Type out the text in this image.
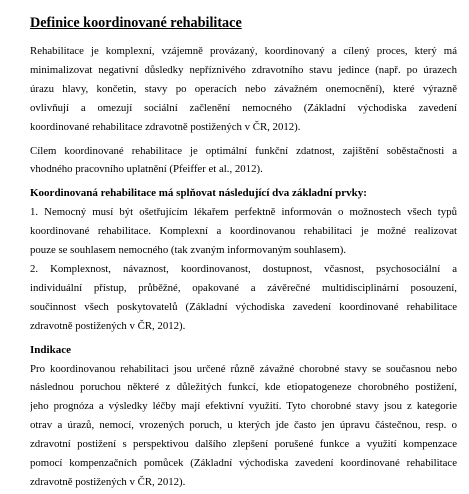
Definice koordinované rehabilitace
Rehabilitace je komplexní, vzájemně provázaný, koordinovaný a cílený proces, který má
minimalizovat negativní důsledky nepříznivého zdravotního stavu jedince (např. po úrazech
úrazu hlavy, končetin, stavy po operacích nebo závažném onemocnění), které výrazně
ovlivňují a omezují sociální začlenění nemocného (Základní východiska zavedení
koordinované rehabilitace zdravotně postižených v ČR, 2012).
Cílem koordinované rehabilitace je optimální funkční zdatnost, zajištění soběstačnosti a
vhodného pracovního uplatnění (Pfeiffer et al., 2012).
Koordinovaná rehabilitace má splňovat následující dva základní prvky:
1. Nemocný musí být ošetřujícím lékařem perfektně informován o možnostech všech typů
koordinované rehabilitace. Komplexní a koordinovanou rehabilitaci je možné realizovat
pouze se souhlasem nemocného (tak zvaným informovaným souhlasem).
2. Komplexnost, návaznost, koordinovanost, dostupnost, včasnost, psychosociální a
individuální přístup, průběžné, opakované a závěrečné multidisciplinární posouzení,
součinnost všech poskytovatelů (Základní východiska zavedení koordinované rehabilitace
zdravotně postižených v ČR, 2012).
Indikace
Pro koordinovanou rehabilitaci jsou určené různě závažné chorobné stavy se současnou nebo
následnou poruchou některé z důležitých funkcí, kde etiopatogeneze chorobného postižení,
jeho prognóza a výsledky léčby mají efektivní využití. Tyto chorobné stavy jsou z kategorie
otrav a úrazů, nemocí, vrozených poruch, u kterých jde často jen úpravu částečnou, resp. o
zdravotní postižení s perspektivou dalšího zlepšení porušené funkce a využití kompenzace
pomocí kompenzačních pomůcek (Základní východiska zavedení koordinované rehabilitace
zdravotně postižených v ČR, 2012).
